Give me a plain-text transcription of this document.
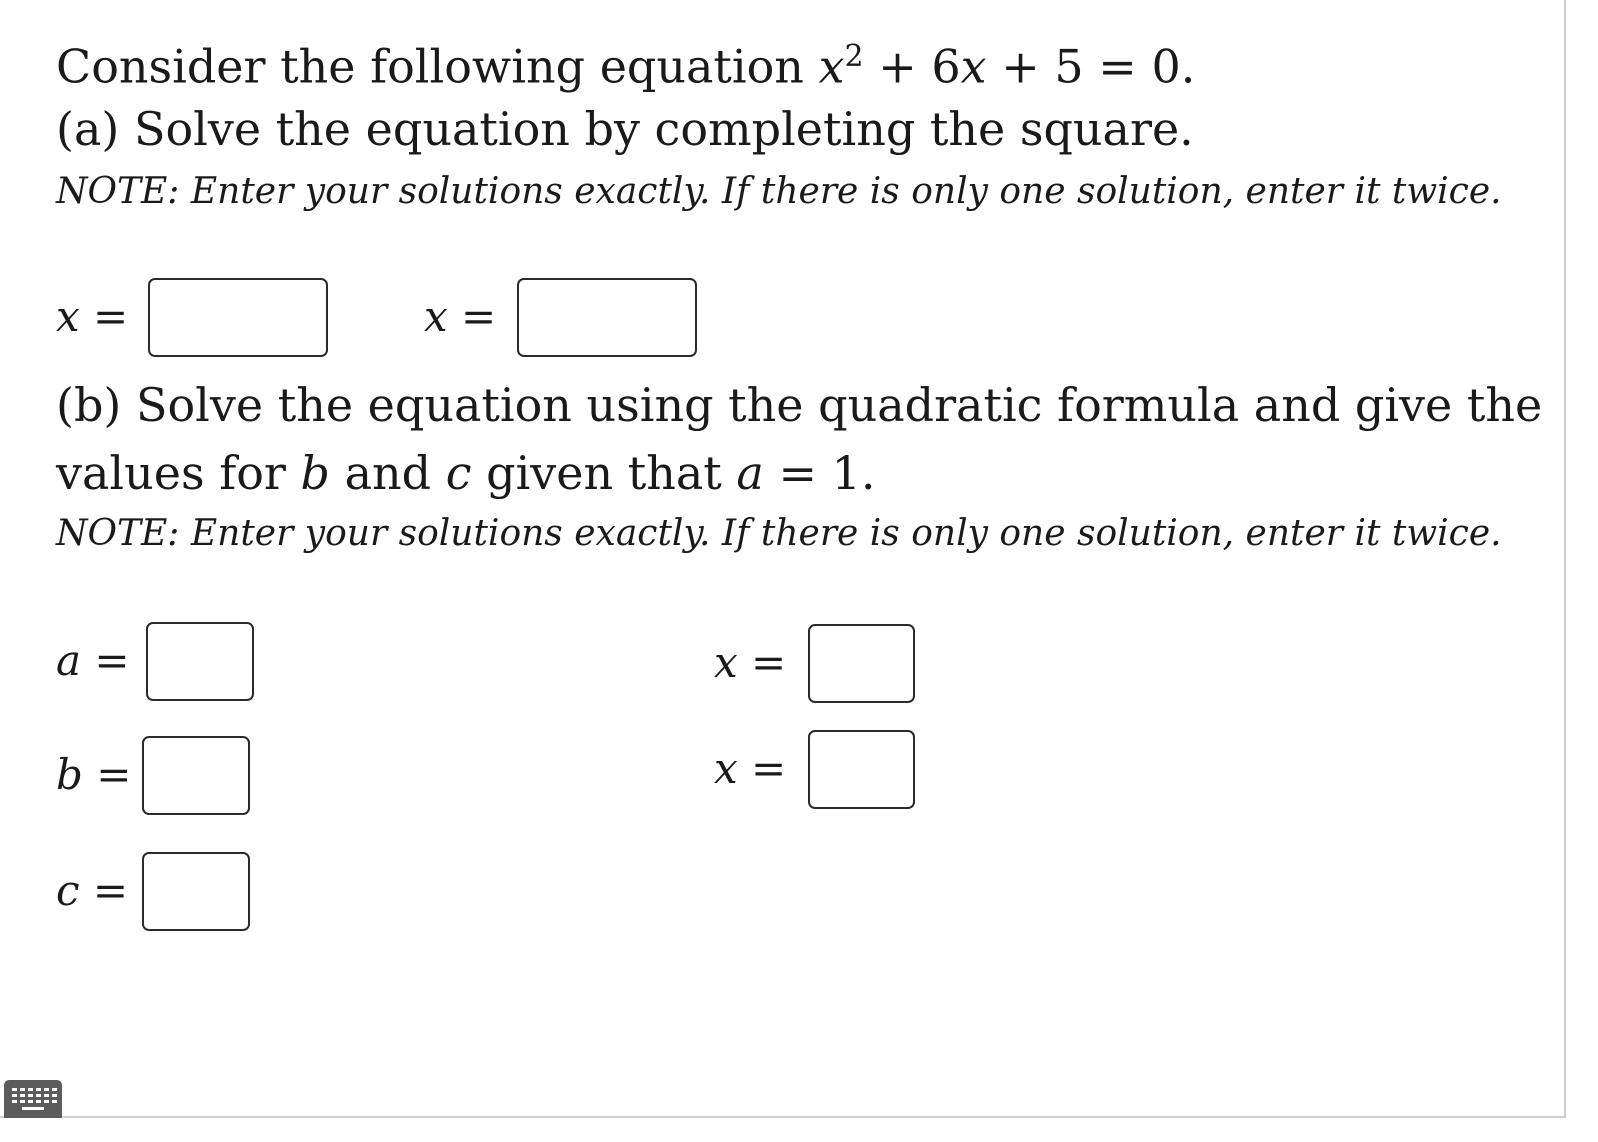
Consider the following equation $x^2 + 6x + 5 = 0$.
(a) Solve the equation by completing the square.
NOTE: Enter your solutions exactly. If there is only one solution, enter it twice.
x =	x =
(b) Solve the equation using the quadratic formula and give the
values for b and c given that a = 1.
NOTE: Enter your solutions exactly. If there is only one solution, enter it twice.
a =
b =
c =
x =
x =
